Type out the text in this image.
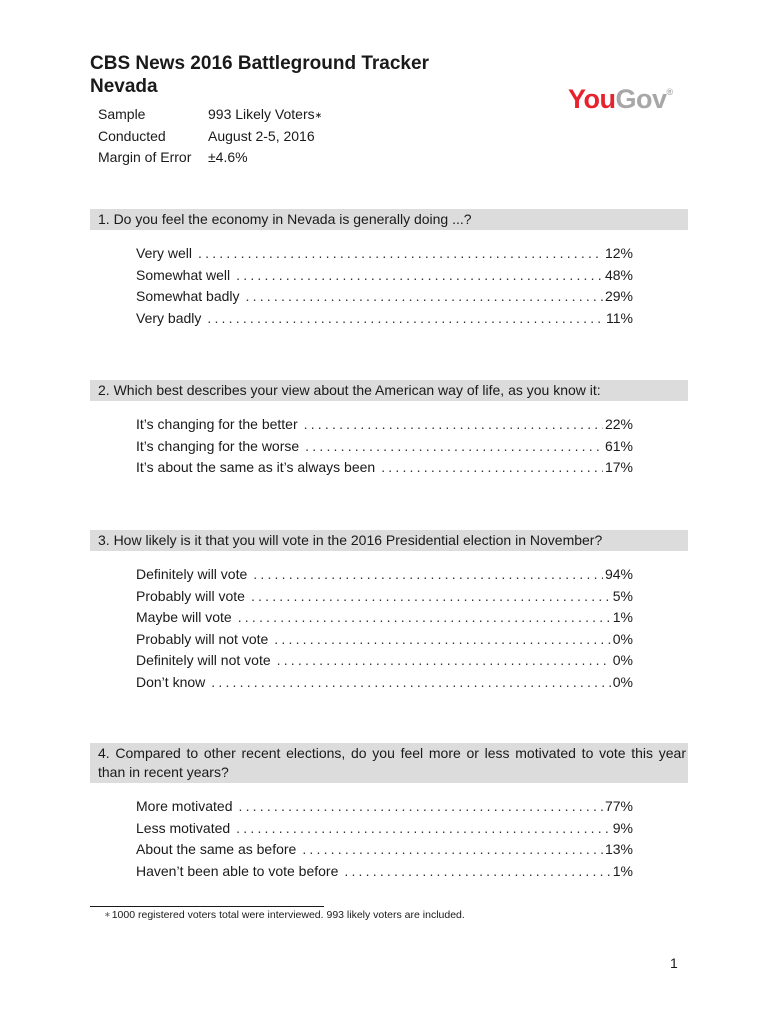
CBS News 2016 Battleground Tracker
Nevada	YouGov®
Sample	993 Likely Voters∗
Conducted	August 2-5, 2016
Margin of Error	±4.6%
1. Do you feel the economy in Nevada is generally doing ...?
Very well .....	12%
Somewhat well .....	48%
Somewhat badly .....	29%
Very badly .....	11%
2. Which best describes your view about the American way of life, as you know it:
It’s changing for the better .....	22%
It’s changing for the worse .....	61%
It’s about the same as it’s always been .....	17%
3. How likely is it that you will vote in the 2016 Presidential election in November?
Definitely will vote .....	94%
Probably will vote .....	5%
Maybe will vote .....	1%
Probably will not vote .....	0%
Definitely will not vote .....	0%
Don’t know .....	0%
4. Compared to other recent elections, do you feel more or less motivated to vote this year than in recent years?
More motivated .....	77%
Less motivated .....	9%
About the same as before .....	13%
Haven’t been able to vote before .....	1%
∗1000 registered voters total were interviewed. 993 likely voters are included.
1
